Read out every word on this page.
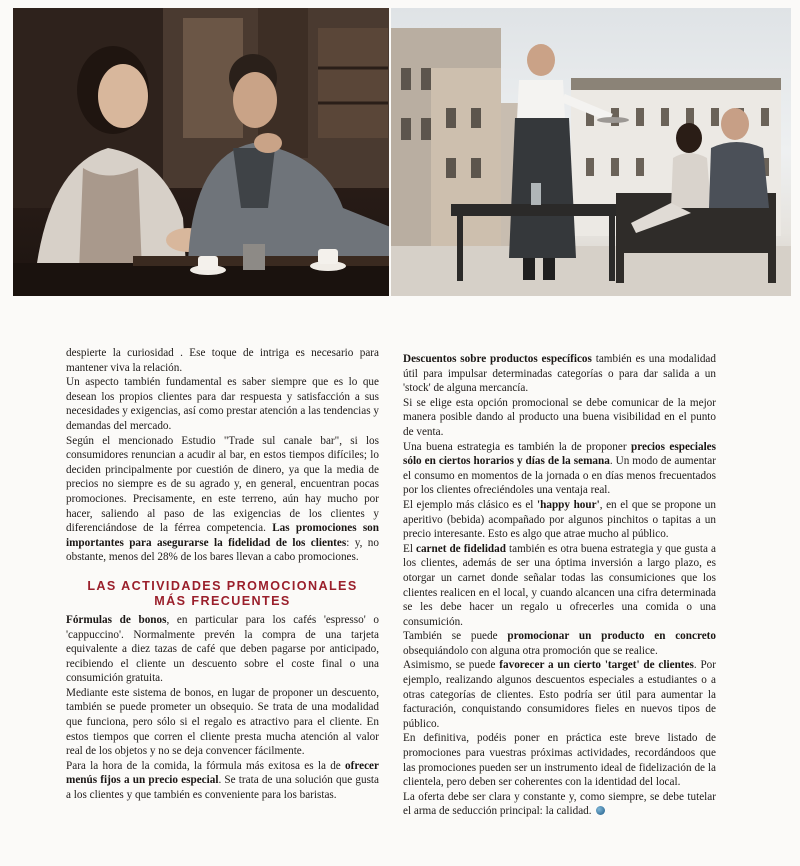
despierte la curiosidad . Ese toque de intriga es necesario para mantener viva la relación.

Un aspecto también fundamental es saber siempre que es lo que desean los propios clientes para dar respuesta y satisfacción a sus necesidades y exigencias, así como prestar atención a las tendencias y demandas del mercado.

Según el mencionado Estudio "Trade sul canale bar", si los consumidores renuncian a acudir al bar, en estos tiempos difíciles; lo deciden principalmente por cuestión de dinero, ya que la media de precios no siempre es de su agrado y, en general, encuentran pocas promociones. Precisamente, en este terreno, aún hay mucho por hacer, saliendo al paso de las exigencias de los clientes y diferenciándose de la férrea competencia. Las promociones son importantes para asegurarse la fidelidad de los clientes: y, no obstante, menos del 28% de los bares llevan a cabo promociones.

LAS ACTIVIDADES PROMOCIONALES
MÁS FRECUENTES

Fórmulas de bonos, en particular para los cafés 'espresso' o 'cappuccino'. Normalmente prevén la compra de una tarjeta equivalente a diez tazas de café que deben pagarse por anticipado, recibiendo el cliente un descuento sobre el coste final o una consumición gratuita.

Mediante este sistema de bonos, en lugar de proponer un descuento, también se puede prometer un obsequio. Se trata de una modalidad que funciona, pero sólo si el regalo es atractivo para el cliente. En estos tiempos que corren el cliente presta mucha atención al valor real de los objetos y no se deja convencer fácilmente.

Para la hora de la comida, la fórmula más exitosa es la de ofrecer menús fijos a un precio especial. Se trata de una solución que gusta a los clientes y que también es conveniente para los baristas.

Descuentos sobre productos específicos también es una modalidad útil para impulsar determinadas categorías o para dar salida a un 'stock' de alguna mercancía.

Si se elige esta opción promocional se debe comunicar de la mejor manera posible dando al producto una buena visibilidad en el punto de venta.

Una buena estrategia es también la de proponer precios especiales sólo en ciertos horarios y días de la semana. Un modo de aumentar el consumo en momentos de la jornada o en días menos frecuentados por los clientes ofreciéndoles una ventaja real.

El ejemplo más clásico es el 'happy hour', en el que se propone un aperitivo (bebida) acompañado por algunos pinchitos o tapitas a un precio interesante. Esto es algo que atrae mucho al público.

El carnet de fidelidad también es otra buena estrategia y que gusta a los clientes, además de ser una óptima inversión a largo plazo, es otorgar un carnet donde señalar todas las consumiciones que los clientes realicen en el local, y cuando alcancen una cifra determinada se les debe hacer un regalo u ofrecerles una comida o una consumición.

También se puede promocionar un producto en concreto obsequiándolo con alguna otra promoción que se realice.

Asimismo, se puede favorecer a un cierto 'target' de clientes. Por ejemplo, realizando algunos descuentos especiales a estudiantes o a otras categorías de clientes. Esto podría ser útil para aumentar la facturación, conquistando consumidores fieles en nuevos tipos de público.

En definitiva, podéis poner en práctica este breve listado de promociones para vuestras próximas actividades, recordándoos que las promociones pueden ser un instrumento ideal de fidelización de la clientela, pero deben ser coherentes con la identidad del local.

La oferta debe ser clara y constante y, como siempre, se debe tutelar el arma de seducción principal: la calidad.
